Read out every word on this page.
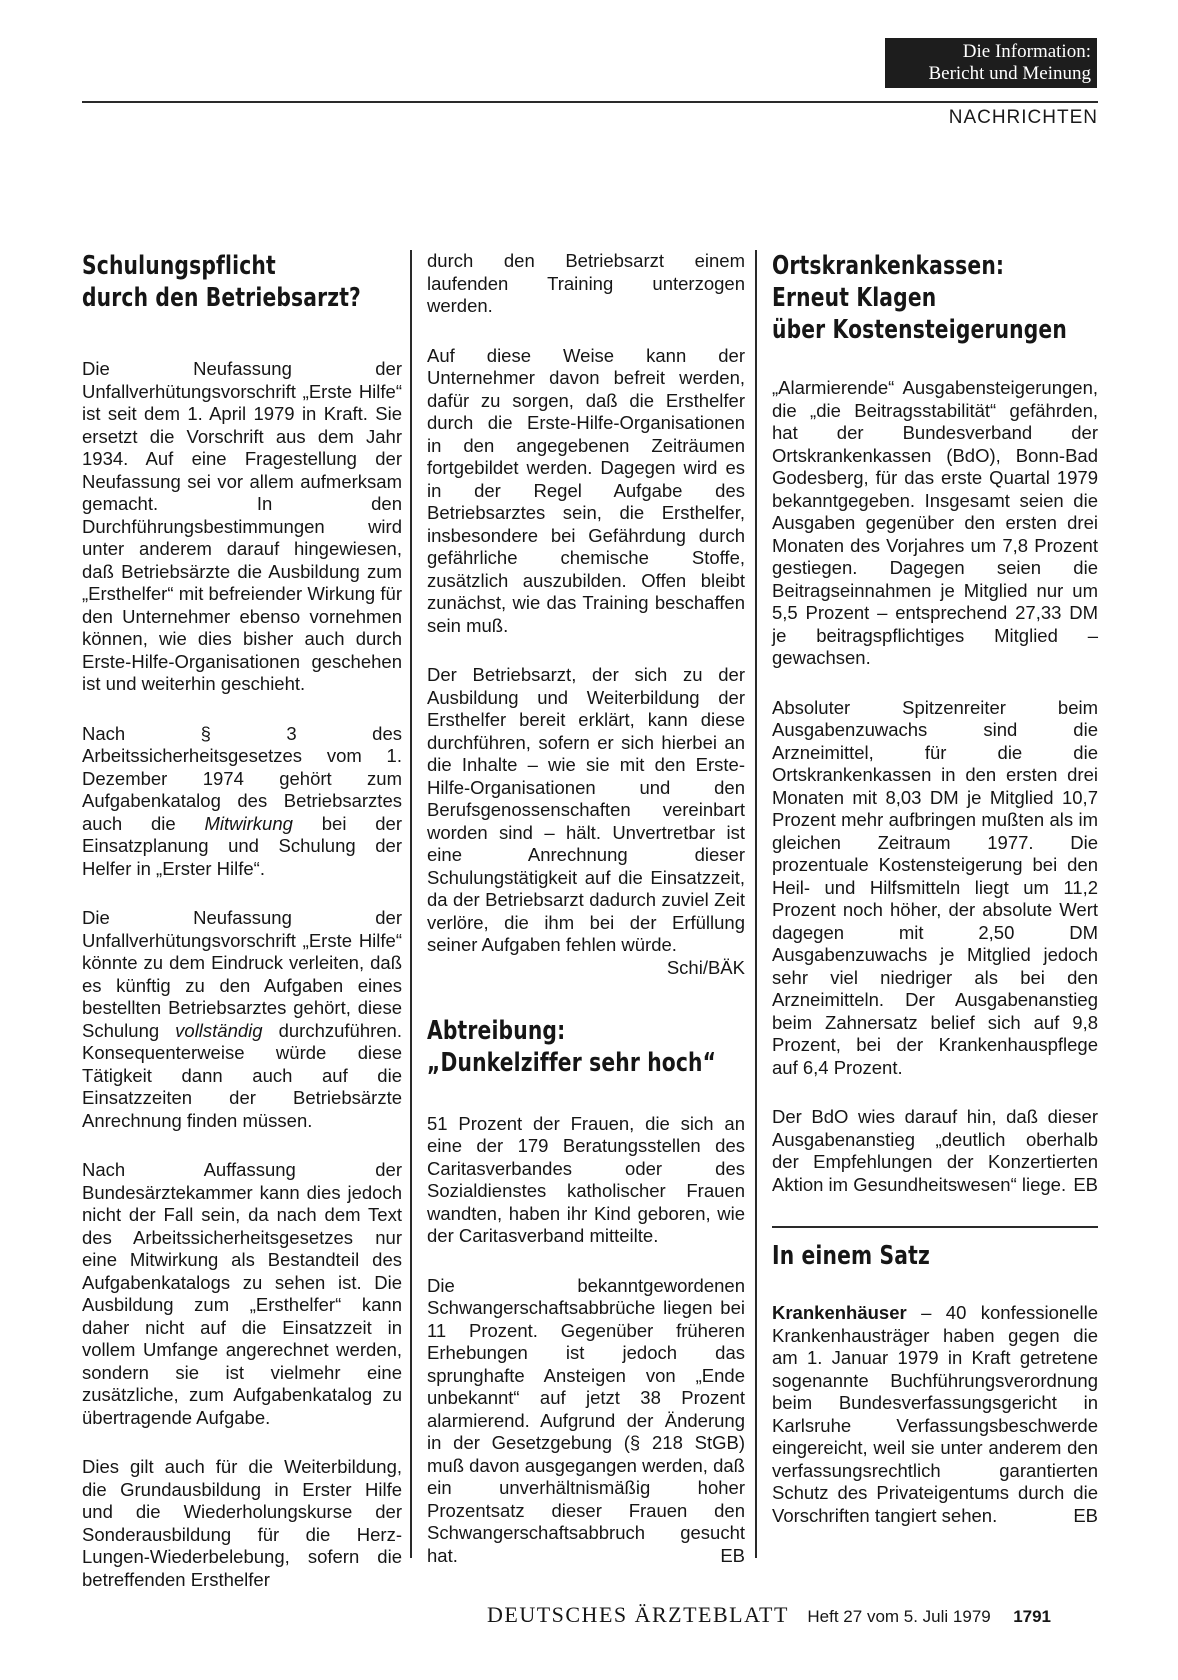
Die Information:
Bericht und Meinung
NACHRICHTEN
Schulungspflicht
durch den Betriebsarzt?

Die Neufassung der Unfallverhütungsvorschrift „Erste Hilfe“ ist seit dem 1. April 1979 in Kraft. Sie ersetzt die Vorschrift aus dem Jahr 1934. Auf eine Fragestellung der Neufassung sei vor allem aufmerksam gemacht. In den Durchführungsbestimmungen wird unter anderem darauf hingewiesen, daß Betriebsärzte die Ausbildung zum „Ersthelfer“ mit befreiender Wirkung für den Unternehmer ebenso vornehmen können, wie dies bisher auch durch Erste-Hilfe-Organisationen geschehen ist und weiterhin geschieht.

Nach § 3 des Arbeitssicherheitsgesetzes vom 1. Dezember 1974 gehört zum Aufgabenkatalog des Betriebsarztes auch die Mitwirkung bei der Einsatzplanung und Schulung der Helfer in „Erster Hilfe“.

Die Neufassung der Unfallverhütungsvorschrift „Erste Hilfe“ könnte zu dem Eindruck verleiten, daß es künftig zu den Aufgaben eines bestellten Betriebsarztes gehört, diese Schulung vollständig durchzuführen. Konsequenterweise würde diese Tätigkeit dann auch auf die Einsatzzeiten der Betriebsärzte Anrechnung finden müssen.

Nach Auffassung der Bundesärztekammer kann dies jedoch nicht der Fall sein, da nach dem Text des Arbeitssicherheitsgesetzes nur eine Mitwirkung als Bestandteil des Aufgabenkatalogs zu sehen ist. Die Ausbildung zum „Ersthelfer“ kann daher nicht auf die Einsatzzeit in vollem Umfange angerechnet werden, sondern sie ist vielmehr eine zusätzliche, zum Aufgabenkatalog zu übertragende Aufgabe.

Dies gilt auch für die Weiterbildung, die Grundausbildung in Erster Hilfe und die Wiederholungskurse der Sonderausbildung für die Herz-Lungen-Wiederbelebung, sofern die betreffenden Ersthelfer

durch den Betriebsarzt einem laufenden Training unterzogen werden.

Auf diese Weise kann der Unternehmer davon befreit werden, dafür zu sorgen, daß die Ersthelfer durch die Erste-Hilfe-Organisationen in den angegebenen Zeiträumen fortgebildet werden. Dagegen wird es in der Regel Aufgabe des Betriebsarztes sein, die Ersthelfer, insbesondere bei Gefährdung durch gefährliche chemische Stoffe, zusätzlich auszubilden. Offen bleibt zunächst, wie das Training beschaffen sein muß.

Der Betriebsarzt, der sich zu der Ausbildung und Weiterbildung der Ersthelfer bereit erklärt, kann diese durchführen, sofern er sich hierbei an die Inhalte – wie sie mit den Erste-Hilfe-Organisationen und den Berufsgenossenschaften vereinbart worden sind – hält. Unvertretbar ist eine Anrechnung dieser Schulungstätigkeit auf die Einsatzzeit, da der Betriebsarzt dadurch zuviel Zeit verlöre, die ihm bei der Erfüllung seiner Aufgaben fehlen würde.
Schi/BÄK

Abtreibung:
„Dunkelziffer sehr hoch“

51 Prozent der Frauen, die sich an eine der 179 Beratungsstellen des Caritasverbandes oder des Sozialdienstes katholischer Frauen wandten, haben ihr Kind geboren, wie der Caritasverband mitteilte.

Die bekanntgewordenen Schwangerschaftsabbrüche liegen bei 11 Prozent. Gegenüber früheren Erhebungen ist jedoch das sprunghafte Ansteigen von „Ende unbekannt“ auf jetzt 38 Prozent alarmierend. Aufgrund der Änderung in der Gesetzgebung (§ 218 StGB) muß davon ausgegangen werden, daß ein unverhältnismäßig hoher Prozentsatz dieser Frauen den Schwangerschaftsabbruch gesucht hat.	EB

Ortskrankenkassen:
Erneut Klagen
über Kostensteigerungen

„Alarmierende“ Ausgabensteigerungen, die „die Beitragsstabilität“ gefährden, hat der Bundesverband der Ortskrankenkassen (BdO), Bonn-Bad Godesberg, für das erste Quartal 1979 bekanntgegeben. Insgesamt seien die Ausgaben gegenüber den ersten drei Monaten des Vorjahres um 7,8 Prozent gestiegen. Dagegen seien die Beitragseinnahmen je Mitglied nur um 5,5 Prozent – entsprechend 27,33 DM je beitragspflichtiges Mitglied – gewachsen.

Absoluter Spitzenreiter beim Ausgabenzuwachs sind die Arzneimittel, für die die Ortskrankenkassen in den ersten drei Monaten mit 8,03 DM je Mitglied 10,7 Prozent mehr aufbringen mußten als im gleichen Zeitraum 1977. Die prozentuale Kostensteigerung bei den Heil- und Hilfsmitteln liegt um 11,2 Prozent noch höher, der absolute Wert dagegen mit 2,50 DM Ausgabenzuwachs je Mitglied jedoch sehr viel niedriger als bei den Arzneimitteln. Der Ausgabenanstieg beim Zahnersatz belief sich auf 9,8 Prozent, bei der Krankenhauspflege auf 6,4 Prozent.

Der BdO wies darauf hin, daß dieser Ausgabenanstieg „deutlich oberhalb der Empfehlungen der Konzertierten Aktion im Gesundheitswesen“ liege. EB

In einem Satz

Krankenhäuser – 40 konfessionelle Krankenhausträger haben gegen die am 1. Januar 1979 in Kraft getretene sogenannte Buchführungsverordnung beim Bundesverfassungsgericht in Karlsruhe Verfassungsbeschwerde eingereicht, weil sie unter anderem den verfassungsrechtlich garantierten Schutz des Privateigentums durch die Vorschriften tangiert sehen.	EB

DEUTSCHES ÄRZTEBLATT Heft 27 vom 5. Juli 1979 1791
